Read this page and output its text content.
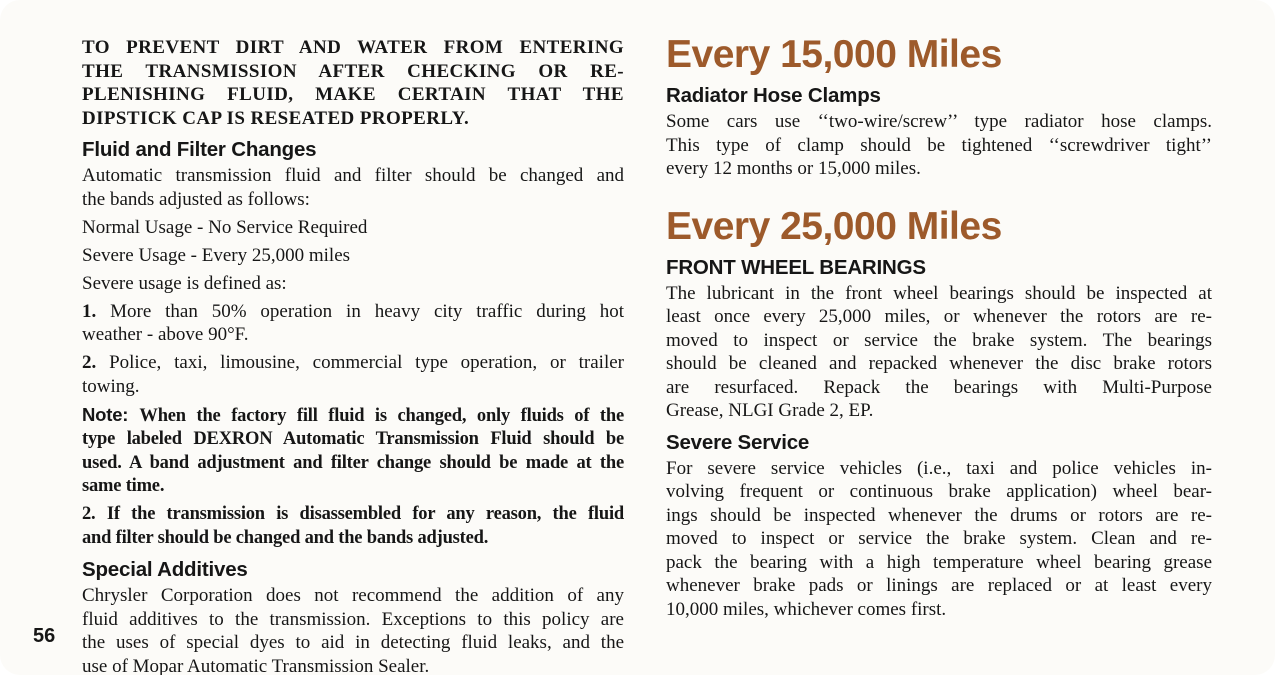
TO PREVENT DIRT AND WATER FROM ENTERING
THE TRANSMISSION AFTER CHECKING OR RE-
PLENISHING FLUID, MAKE CERTAIN THAT THE
DIPSTICK CAP IS RESEATED PROPERLY.
Fluid and Filter Changes
Automatic transmission fluid and filter should be changed and
the bands adjusted as follows:
Normal Usage - No Service Required
Severe Usage - Every 25,000 miles
Severe usage is defined as:
1. More than 50% operation in heavy city traffic during hot
weather - above 90°F.
2. Police, taxi, limousine, commercial type operation, or trailer
towing.
Note: When the factory fill fluid is changed, only fluids of the
type labeled DEXRON Automatic Transmission Fluid should be
used. A band adjustment and filter change should be made at the
same time.
2. If the transmission is disassembled for any reason, the fluid
and filter should be changed and the bands adjusted.
Special Additives
Chrysler Corporation does not recommend the addition of any
fluid additives to the transmission. Exceptions to this policy are
the uses of special dyes to aid in detecting fluid leaks, and the
use of Mopar Automatic Transmission Sealer.
Every 15,000 Miles
Radiator Hose Clamps
Some cars use ‘‘two-wire/screw’’ type radiator hose clamps.
This type of clamp should be tightened ‘‘screwdriver tight’’
every 12 months or 15,000 miles.
Every 25,000 Miles
FRONT WHEEL BEARINGS
The lubricant in the front wheel bearings should be inspected at
least once every 25,000 miles, or whenever the rotors are re-
moved to inspect or service the brake system. The bearings
should be cleaned and repacked whenever the disc brake rotors
are resurfaced. Repack the bearings with Multi-Purpose
Grease, NLGI Grade 2, EP.
Severe Service
For severe service vehicles (i.e., taxi and police vehicles in-
volving frequent or continuous brake application) wheel bear-
ings should be inspected whenever the drums or rotors are re-
moved to inspect or service the brake system. Clean and re-
pack the bearing with a high temperature wheel bearing grease
whenever brake pads or linings are replaced or at least every
10,000 miles, whichever comes first.
56
